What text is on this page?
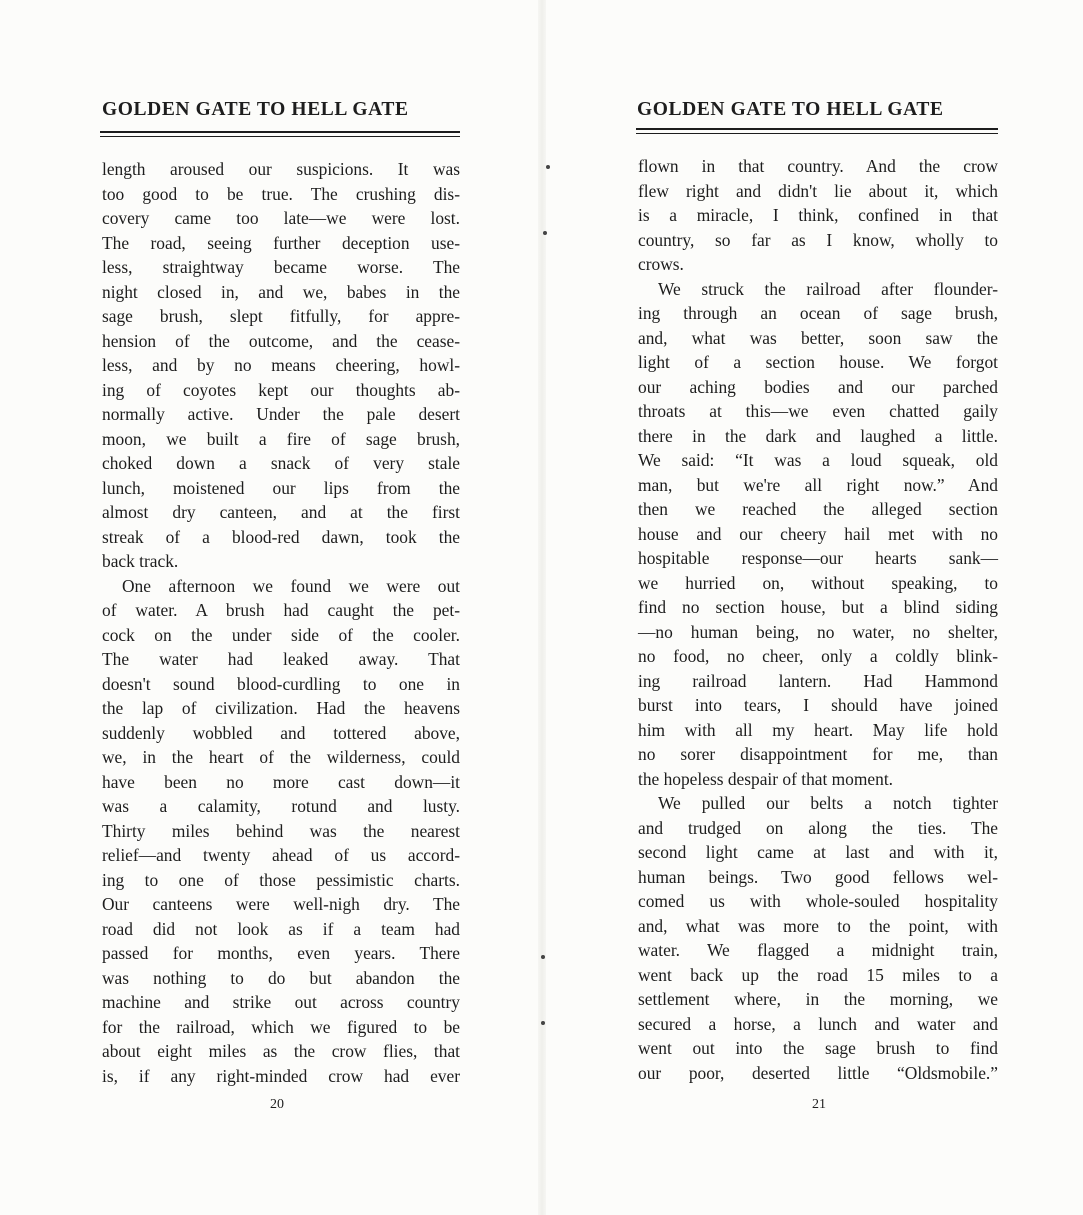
GOLDEN GATE TO HELL GATE
length aroused our suspicions. It was
too good to be true. The crushing dis-
covery came too late—we were lost.
The road, seeing further deception use-
less, straightway became worse. The
night closed in, and we, babes in the
sage brush, slept fitfully, for appre-
hension of the outcome, and the cease-
less, and by no means cheering, howl-
ing of coyotes kept our thoughts ab-
normally active. Under the pale desert
moon, we built a fire of sage brush,
choked down a snack of very stale
lunch, moistened our lips from the
almost dry canteen, and at the first
streak of a blood-red dawn, took the
back track.
One afternoon we found we were out
of water. A brush had caught the pet-
cock on the under side of the cooler.
The water had leaked away. That
doesn't sound blood-curdling to one in
the lap of civilization. Had the heavens
suddenly wobbled and tottered above,
we, in the heart of the wilderness, could
have been no more cast down—it
was a calamity, rotund and lusty.
Thirty miles behind was the nearest
relief—and twenty ahead of us accord-
ing to one of those pessimistic charts.
Our canteens were well-nigh dry. The
road did not look as if a team had
passed for months, even years. There
was nothing to do but abandon the
machine and strike out across country
for the railroad, which we figured to be
about eight miles as the crow flies, that
is, if any right-minded crow had ever
20
GOLDEN GATE TO HELL GATE
flown in that country. And the crow
flew right and didn't lie about it, which
is a miracle, I think, confined in that
country, so far as I know, wholly to
crows.
We struck the railroad after flounder-
ing through an ocean of sage brush,
and, what was better, soon saw the
light of a section house. We forgot
our aching bodies and our parched
throats at this—we even chatted gaily
there in the dark and laughed a little.
We said: “It was a loud squeak, old
man, but we're all right now.” And
then we reached the alleged section
house and our cheery hail met with no
hospitable response—our hearts sank—
we hurried on, without speaking, to
find no section house, but a blind siding
—no human being, no water, no shelter,
no food, no cheer, only a coldly blink-
ing railroad lantern. Had Hammond
burst into tears, I should have joined
him with all my heart. May life hold
no sorer disappointment for me, than
the hopeless despair of that moment.
We pulled our belts a notch tighter
and trudged on along the ties. The
second light came at last and with it,
human beings. Two good fellows wel-
comed us with whole-souled hospitality
and, what was more to the point, with
water. We flagged a midnight train,
went back up the road 15 miles to a
settlement where, in the morning, we
secured a horse, a lunch and water and
went out into the sage brush to find
our poor, deserted little “Oldsmobile.”
21
